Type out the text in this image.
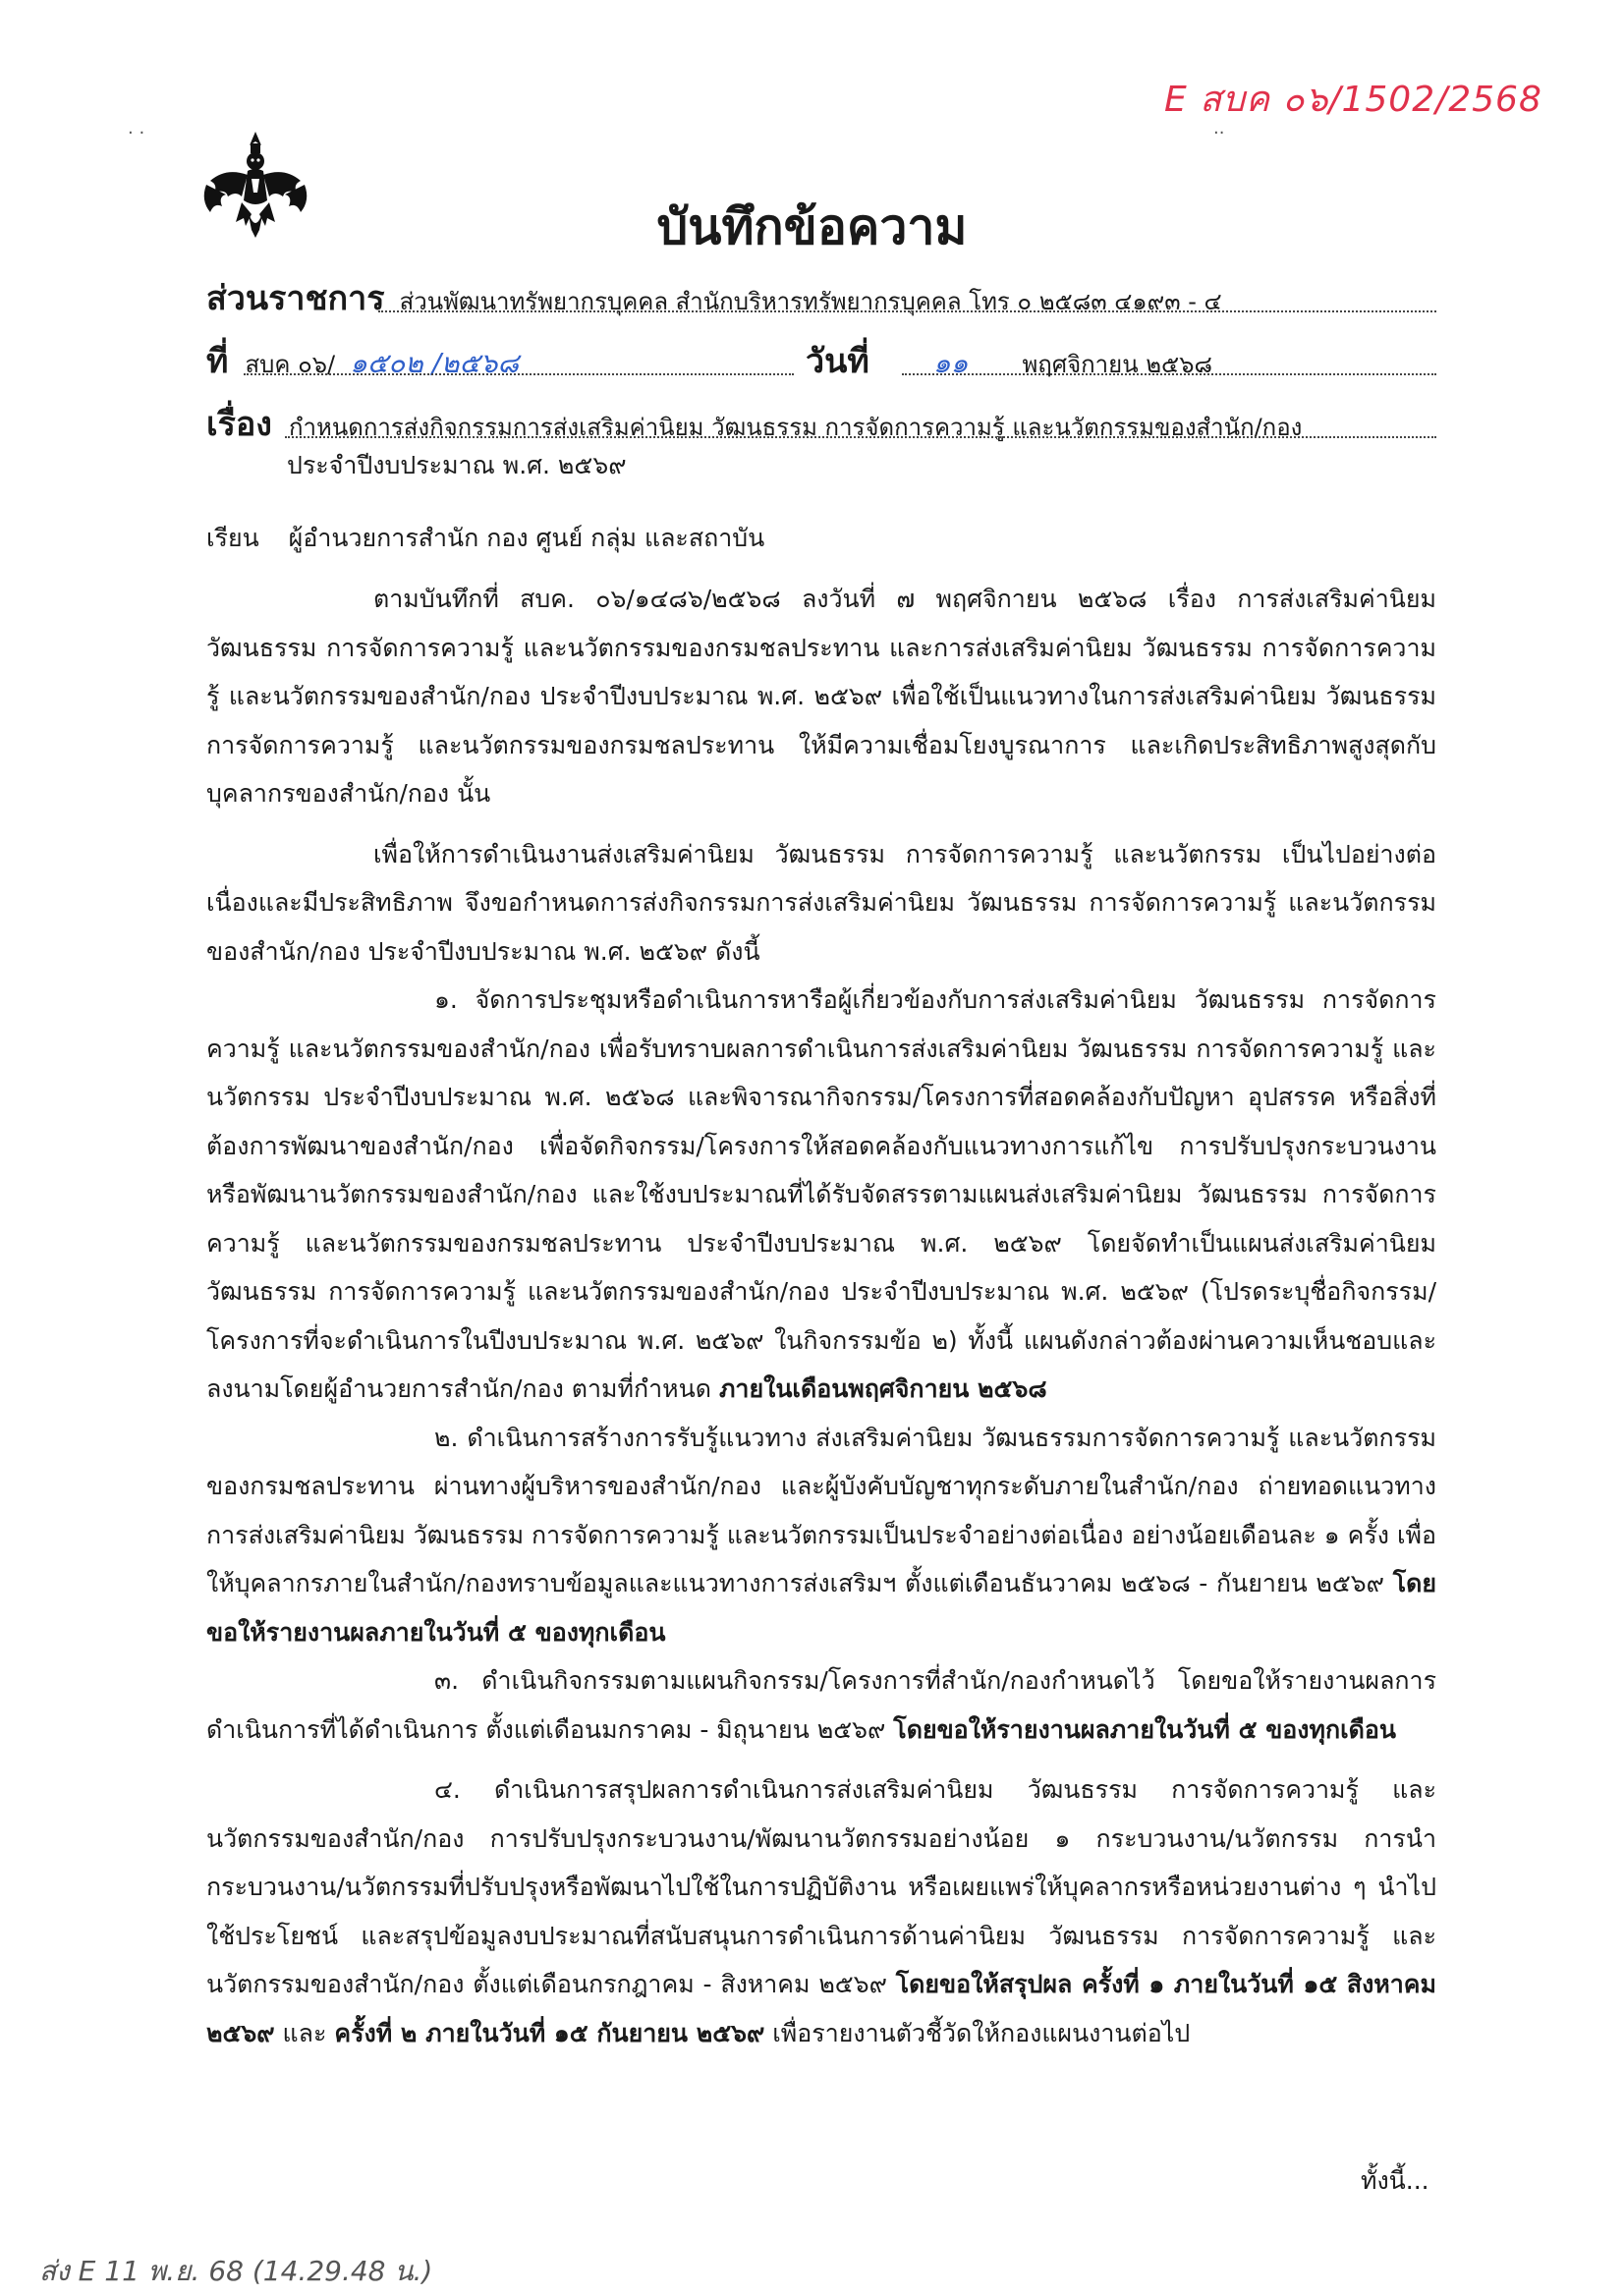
E สบค ๐๖/1502/2568
· ·	··
บันทึกข้อความ
ส่วนราชการ ส่วนพัฒนาทรัพยากรบุคคล สำนักบริหารทรัพยากรบุคคล โทร ๐ ๒๕๘๓ ๔๑๙๓ - ๔
ที่ สบค ๐๖/ ๑๕๐๒ /๒๕๖๘	วันที่ ๑๑ พฤศจิกายน ๒๕๖๘
เรื่อง กำหนดการส่งกิจกรรมการส่งเสริมค่านิยม วัฒนธรรม การจัดการความรู้ และนวัตกรรมของสำนัก/กอง
ประจำปีงบประมาณ พ.ศ. ๒๕๖๙
เรียน ผู้อำนวยการสำนัก กอง ศูนย์ กลุ่ม และสถาบัน

ตามบันทึกที่ สบค. ๐๖/๑๔๘๖/๒๕๖๘ ลงวันที่ ๗ พฤศจิกายน ๒๕๖๘ เรื่อง การส่งเสริมค่านิยม วัฒนธรรม การจัดการความรู้ และนวัตกรรมของกรมชลประทาน และการส่งเสริมค่านิยม วัฒนธรรม การจัดการความรู้ และนวัตกรรมของสำนัก/กอง ประจำปีงบประมาณ พ.ศ. ๒๕๖๙ เพื่อใช้เป็นแนวทางในการส่งเสริมค่านิยม วัฒนธรรม การจัดการความรู้ และนวัตกรรมของกรมชลประทาน ให้มีความเชื่อมโยงบูรณาการ และเกิดประสิทธิภาพสูงสุดกับบุคลากรของสำนัก/กอง นั้น

เพื่อให้การดำเนินงานส่งเสริมค่านิยม วัฒนธรรม การจัดการความรู้ และนวัตกรรม เป็นไปอย่างต่อเนื่องและมีประสิทธิภาพ จึงขอกำหนดการส่งกิจกรรมการส่งเสริมค่านิยม วัฒนธรรม การจัดการความรู้ และนวัตกรรมของสำนัก/กอง ประจำปีงบประมาณ พ.ศ. ๒๕๖๙ ดังนี้

๑. จัดการประชุมหรือดำเนินการหารือผู้เกี่ยวข้องกับการส่งเสริมค่านิยม วัฒนธรรม การจัดการความรู้ และนวัตกรรมของสำนัก/กอง เพื่อรับทราบผลการดำเนินการส่งเสริมค่านิยม วัฒนธรรม การจัดการความรู้ และนวัตกรรม ประจำปีงบประมาณ พ.ศ. ๒๕๖๘ และพิจารณากิจกรรม/โครงการที่สอดคล้องกับปัญหา อุปสรรค หรือสิ่งที่ต้องการพัฒนาของสำนัก/กอง เพื่อจัดกิจกรรม/โครงการให้สอดคล้องกับแนวทางการแก้ไข การปรับปรุงกระบวนงาน หรือพัฒนานวัตกรรมของสำนัก/กอง และใช้งบประมาณที่ได้รับจัดสรรตามแผนส่งเสริมค่านิยม วัฒนธรรม การจัดการความรู้ และนวัตกรรมของกรมชลประทาน ประจำปีงบประมาณ พ.ศ. ๒๕๖๙ โดยจัดทำเป็นแผนส่งเสริมค่านิยม วัฒนธรรม การจัดการความรู้ และนวัตกรรมของสำนัก/กอง ประจำปีงบประมาณ พ.ศ. ๒๕๖๙ (โปรดระบุชื่อกิจกรรม/โครงการที่จะดำเนินการในปีงบประมาณ พ.ศ. ๒๕๖๙ ในกิจกรรมข้อ ๒) ทั้งนี้ แผนดังกล่าวต้องผ่านความเห็นชอบและลงนามโดยผู้อำนวยการสำนัก/กอง ตามที่กำหนด ภายในเดือนพฤศจิกายน ๒๕๖๘

๒. ดำเนินการสร้างการรับรู้แนวทาง ส่งเสริมค่านิยม วัฒนธรรมการจัดการความรู้ และนวัตกรรมของกรมชลประทาน ผ่านทางผู้บริหารของสำนัก/กอง และผู้บังคับบัญชาทุกระดับภายในสำนัก/กอง ถ่ายทอดแนวทางการส่งเสริมค่านิยม วัฒนธรรม การจัดการความรู้ และนวัตกรรมเป็นประจำอย่างต่อเนื่อง อย่างน้อยเดือนละ ๑ ครั้ง เพื่อให้บุคลากรภายในสำนัก/กองทราบข้อมูลและแนวทางการส่งเสริมฯ ตั้งแต่เดือนธันวาคม ๒๕๖๘ - กันยายน ๒๕๖๙ โดยขอให้รายงานผลภายในวันที่ ๕ ของทุกเดือน

๓. ดำเนินกิจกรรมตามแผนกิจกรรม/โครงการที่สำนัก/กองกำหนดไว้ โดยขอให้รายงานผลการดำเนินการที่ได้ดำเนินการ ตั้งแต่เดือนมกราคม - มิถุนายน ๒๕๖๙ โดยขอให้รายงานผลภายในวันที่ ๕ ของทุกเดือน

๔. ดำเนินการสรุปผลการดำเนินการส่งเสริมค่านิยม วัฒนธรรม การจัดการความรู้ และนวัตกรรมของสำนัก/กอง การปรับปรุงกระบวนงาน/พัฒนานวัตกรรมอย่างน้อย ๑ กระบวนงาน/นวัตกรรม การนำกระบวนงาน/นวัตกรรมที่ปรับปรุงหรือพัฒนาไปใช้ในการปฏิบัติงาน หรือเผยแพร่ให้บุคลากรหรือหน่วยงานต่าง ๆ นำไปใช้ประโยชน์ และสรุปข้อมูลงบประมาณที่สนับสนุนการดำเนินการด้านค่านิยม วัฒนธรรม การจัดการความรู้ และนวัตกรรมของสำนัก/กอง ตั้งแต่เดือนกรกฎาคม - สิงหาคม ๒๕๖๙ โดยขอให้สรุปผล ครั้งที่ ๑ ภายในวันที่ ๑๕ สิงหาคม ๒๕๖๙ และ ครั้งที่ ๒ ภายในวันที่ ๑๕ กันยายน ๒๕๖๙ เพื่อรายงานตัวชี้วัดให้กองแผนงานต่อไป

ทั้งนี้...
ส่ง E 11 พ.ย. 68 (14.29.48 น.)
